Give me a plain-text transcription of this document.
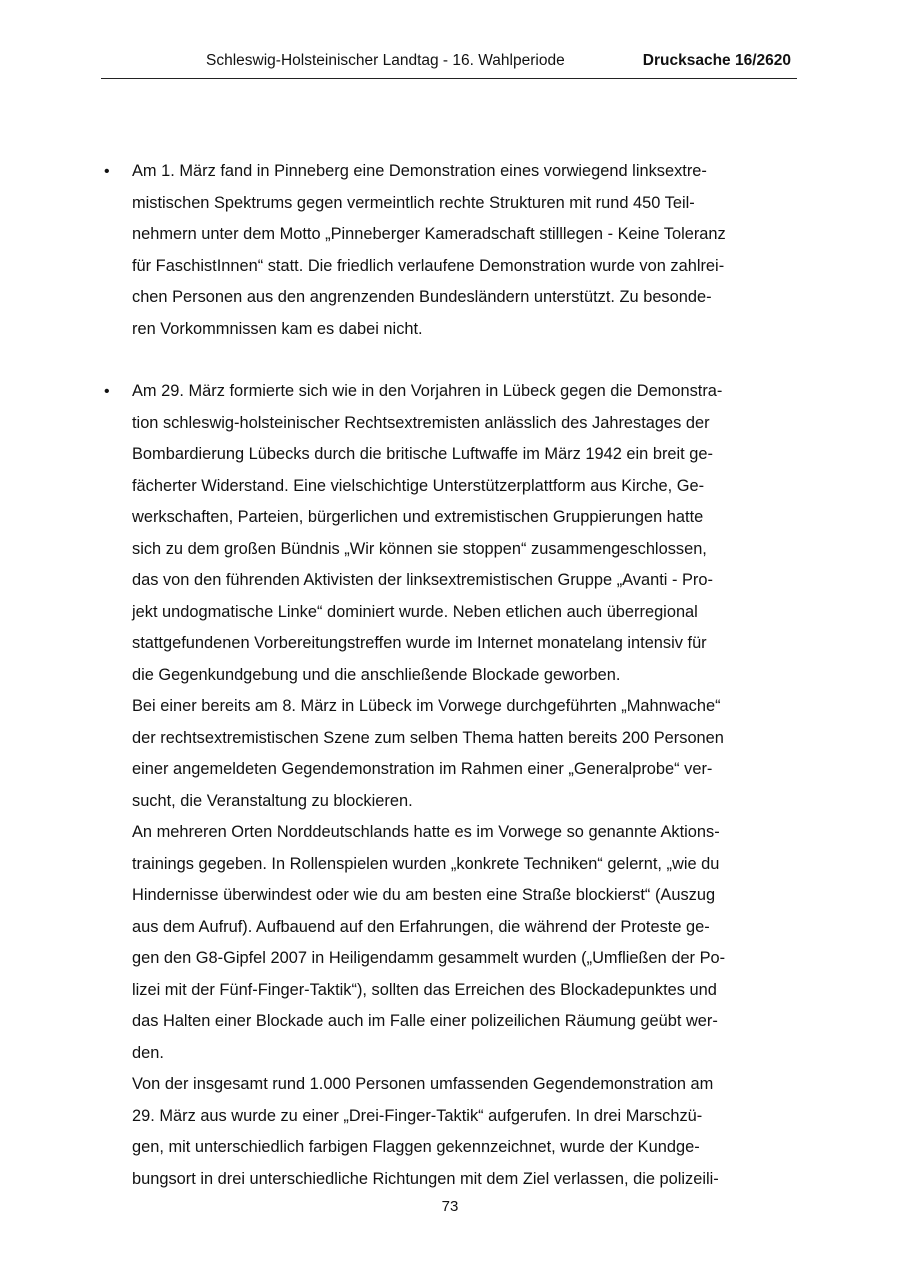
Schleswig-Holsteinischer Landtag - 16. Wahlperiode	Drucksache 16/2620
• Am 1. März fand in Pinneberg eine Demonstration eines vorwiegend linksextre-
mistischen Spektrums gegen vermeintlich rechte Strukturen mit rund 450 Teil-
nehmern unter dem Motto „Pinneberger Kameradschaft stilllegen - Keine Toleranz
für FaschistInnen“ statt. Die friedlich verlaufene Demonstration wurde von zahlrei-
chen Personen aus den angrenzenden Bundesländern unterstützt. Zu besonde-
ren Vorkommnissen kam es dabei nicht.
• Am 29. März formierte sich wie in den Vorjahren in Lübeck gegen die Demonstra-
tion schleswig-holsteinischer Rechtsextremisten anlässlich des Jahrestages der
Bombardierung Lübecks durch die britische Luftwaffe im März 1942 ein breit ge-
fächerter Widerstand. Eine vielschichtige Unterstützerplattform aus Kirche, Ge-
werkschaften, Parteien, bürgerlichen und extremistischen Gruppierungen hatte
sich zu dem großen Bündnis „Wir können sie stoppen“ zusammengeschlossen,
das von den führenden Aktivisten der linksextremistischen Gruppe „Avanti - Pro-
jekt undogmatische Linke“ dominiert wurde. Neben etlichen auch überregional
stattgefundenen Vorbereitungstreffen wurde im Internet monatelang intensiv für
die Gegenkundgebung und die anschließende Blockade geworben.
Bei einer bereits am 8. März in Lübeck im Vorwege durchgeführten „Mahnwache“
der rechtsextremistischen Szene zum selben Thema hatten bereits 200 Personen
einer angemeldeten Gegendemonstration im Rahmen einer „Generalprobe“ ver-
sucht, die Veranstaltung zu blockieren.
An mehreren Orten Norddeutschlands hatte es im Vorwege so genannte Aktions-
trainings gegeben. In Rollenspielen wurden „konkrete Techniken“ gelernt, „wie du
Hindernisse überwindest oder wie du am besten eine Straße blockierst“ (Auszug
aus dem Aufruf). Aufbauend auf den Erfahrungen, die während der Proteste ge-
gen den G8-Gipfel 2007 in Heiligendamm gesammelt wurden („Umfließen der Po-
lizei mit der Fünf-Finger-Taktik“), sollten das Erreichen des Blockadepunktes und
das Halten einer Blockade auch im Falle einer polizeilichen Räumung geübt wer-
den.
Von der insgesamt rund 1.000 Personen umfassenden Gegendemonstration am
29. März aus wurde zu einer „Drei-Finger-Taktik“ aufgerufen. In drei Marschzü-
gen, mit unterschiedlich farbigen Flaggen gekennzeichnet, wurde der Kundge-
bungsort in drei unterschiedliche Richtungen mit dem Ziel verlassen, die polizeili-
73
